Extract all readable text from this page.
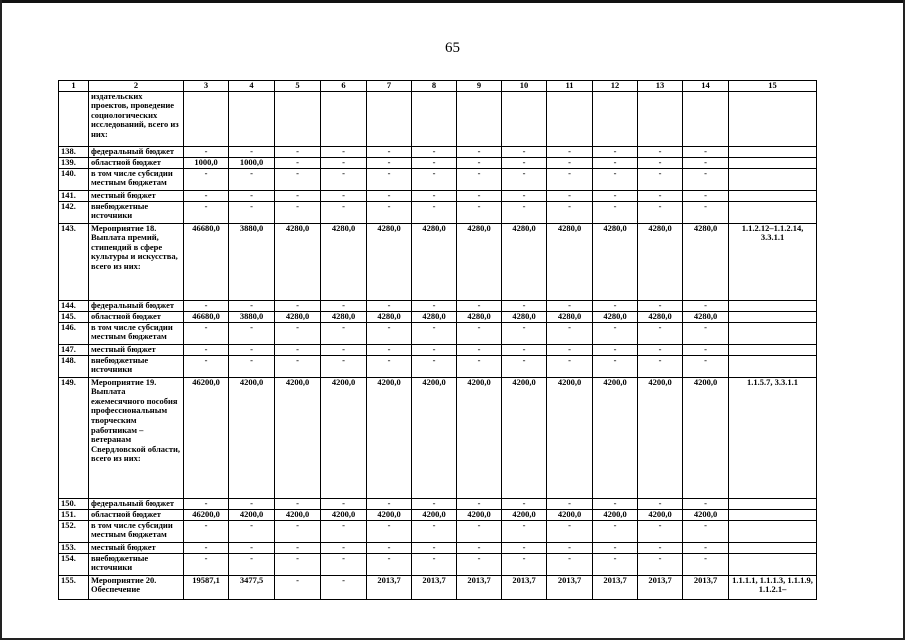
65
1	2	3	4	5	6	7	8	9	10	11	12	13	14	15
	издательских проектов, проведение социологических исследований, всего из них:													
138.	федеральный бюджет	-	-	-	-	-	-	-	-	-	-	-	-	
139.	областной бюджет	1000,0	1000,0	-	-	-	-	-	-	-	-	-	-	
140.	в том числе субсидии местным бюджетам	-	-	-	-	-	-	-	-	-	-	-	-	
141.	местный бюджет	-	-	-	-	-	-	-	-	-	-	-	-	
142.	внебюджетные источники	-	-	-	-	-	-	-	-	-	-	-	-	
143.	Мероприятие 18. Выплата премий, стипендий в сфере культуры и искусства, всего из них:	46680,0	3880,0	4280,0	4280,0	4280,0	4280,0	4280,0	4280,0	4280,0	4280,0	4280,0	4280,0	1.1.2.12–1.1.2.14, 3.3.1.1
144.	федеральный бюджет	-	-	-	-	-	-	-	-	-	-	-	-	
145.	областной бюджет	46680,0	3880,0	4280,0	4280,0	4280,0	4280,0	4280,0	4280,0	4280,0	4280,0	4280,0	4280,0	
146.	в том числе субсидии местным бюджетам	-	-	-	-	-	-	-	-	-	-	-	-	
147.	местный бюджет	-	-	-	-	-	-	-	-	-	-	-	-	
148.	внебюджетные источники	-	-	-	-	-	-	-	-	-	-	-	-	
149.	Мероприятие 19. Выплата ежемесячного пособия профессиональным творческим работникам – ветеранам Свердловской области, всего из них:	46200,0	4200,0	4200,0	4200,0	4200,0	4200,0	4200,0	4200,0	4200,0	4200,0	4200,0	4200,0	1.1.5.7, 3.3.1.1
150.	федеральный бюджет	-	-	-	-	-	-	-	-	-	-	-	-	
151.	областной бюджет	46200,0	4200,0	4200,0	4200,0	4200,0	4200,0	4200,0	4200,0	4200,0	4200,0	4200,0	4200,0	
152.	в том числе субсидии местным бюджетам	-	-	-	-	-	-	-	-	-	-	-	-	
153.	местный бюджет	-	-	-	-	-	-	-	-	-	-	-	-	
154.	внебюджетные источники	-	-	-	-	-	-	-	-	-	-	-	-	
155.	Мероприятие 20. Обеспечение	19587,1	3477,5	-	-	2013,7	2013,7	2013,7	2013,7	2013,7	2013,7	2013,7	2013,7	1.1.1.1, 1.1.1.3, 1.1.1.9, 1.1.2.1–
